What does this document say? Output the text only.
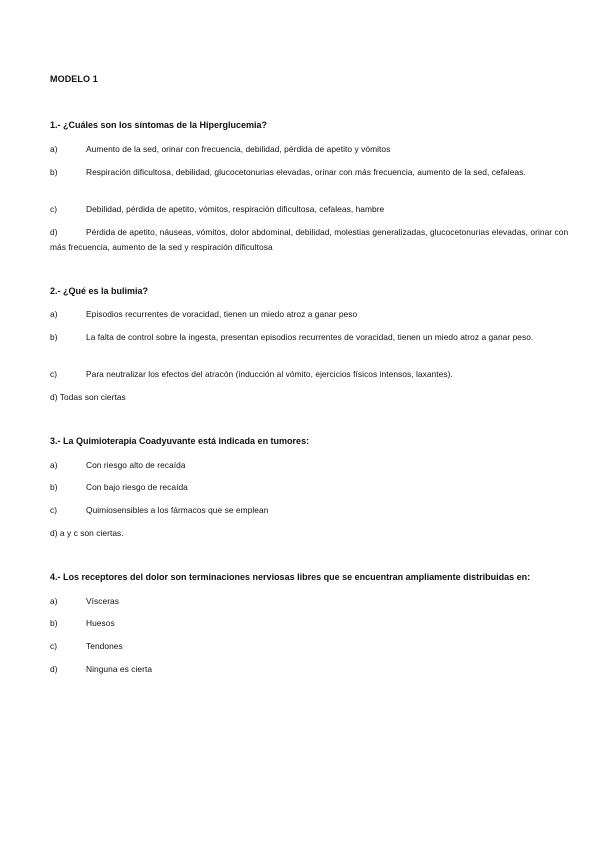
MODELO 1
1.- ¿Cuáles son los síntomas de la Hiperglucemia?
a)	Aumento de la sed, orinar con frecuencia, debilidad, pérdida de apetito y vómitos
b)	Respiración dificultosa, debilidad, glucocetonurias elevadas, orinar con más frecuencia, aumento de la sed, cefaleas.
c)	Debilidad, pérdida de apetito, vómitos, respiración dificultosa, cefaleas, hambre
d)	Pérdida de apetito, náuseas, vómitos, dolor abdominal, debilidad, molestias generalizadas, glucocetonurias elevadas, orinar con más frecuencia, aumento de la sed y respiración dificultosa
2.- ¿Qué es la bulimia?
a)	Episodios recurrentes de voracidad, tienen un miedo atroz a ganar peso
b)	La falta de control sobre la ingesta, presentan episodios recurrentes de voracidad, tienen un miedo atroz a ganar peso.
c)	Para neutralizar los efectos del atracón (inducción al vómito, ejercicios físicos intensos, laxantes).
d) Todas son ciertas
3.- La Quimioterapia Coadyuvante está indicada en tumores:
a)	Con riesgo alto de recaída
b)	Con bajo riesgo de recaída
c)	Quimiosensibles a los fármacos que se emplean
d) a y c son ciertas.
4.- Los receptores del dolor son terminaciones nerviosas libres que se encuentran ampliamente distribuidas en:
a)	Vísceras
b)	Huesos
c)	Tendones
d)	Ninguna es cierta
